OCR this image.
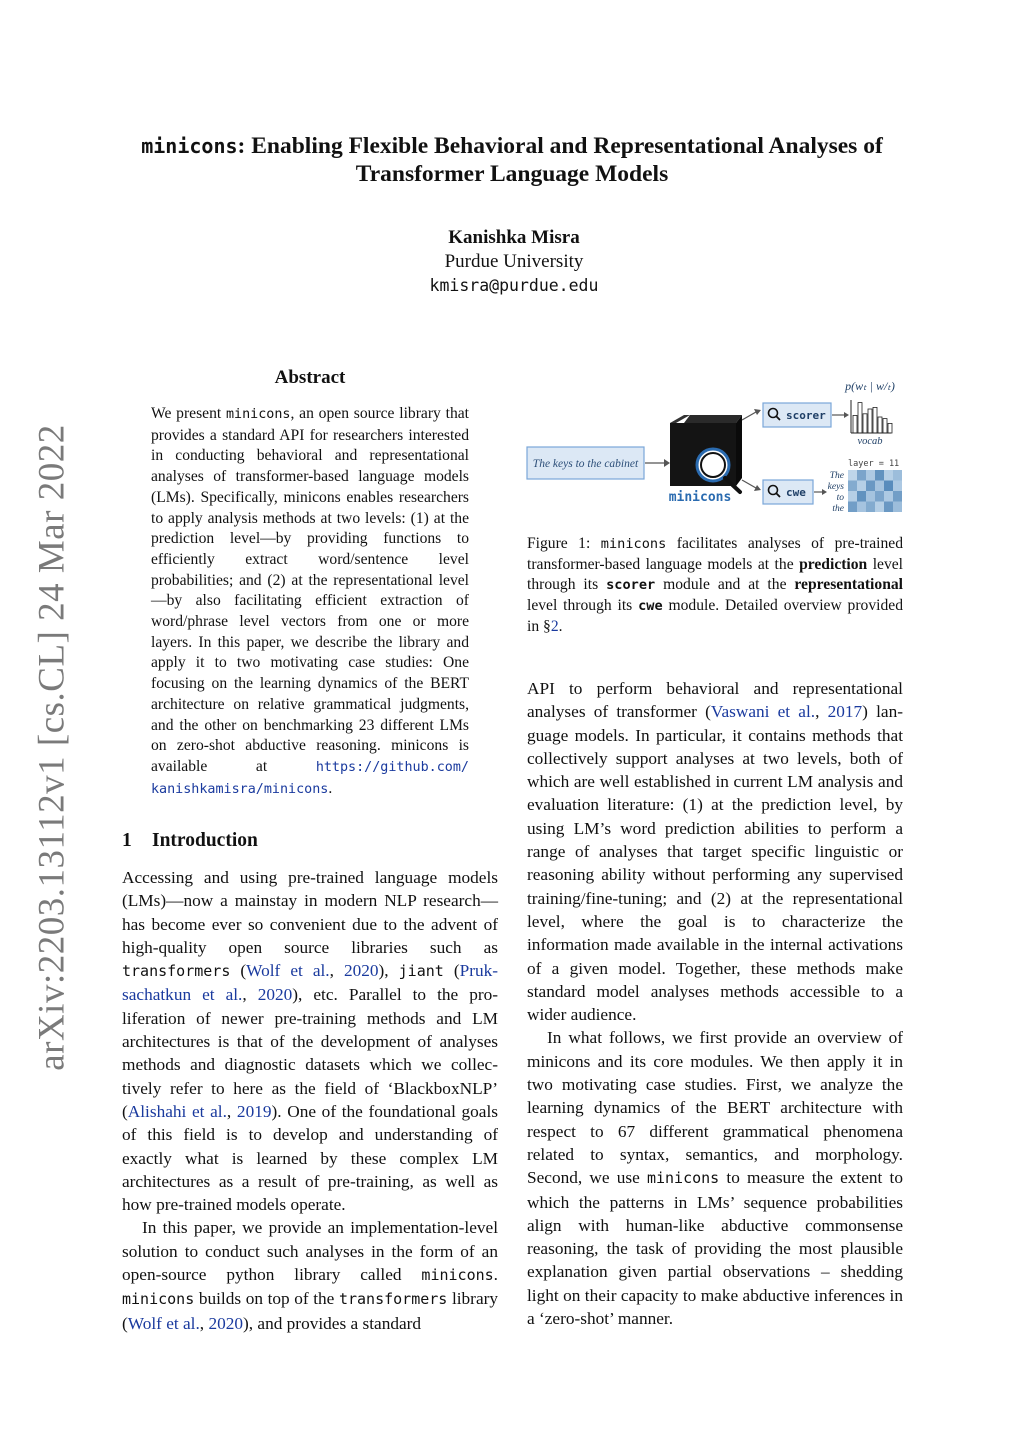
arXiv:2203.13112v1 [cs.CL] 24 Mar 2022
minicons: Enabling Flexible Behavioral and Representational Analyses of
Transformer Language Models
Kanishka Misra
Purdue University
kmisra@purdue.edu
Abstract
We present minicons, an open source library that provides a standard API for researchers interested in conducting behavioral and representational analyses of transformer-based language models (LMs). Specifically, minicons enables researchers to apply analysis methods at two levels: (1) at the prediction level—by providing functions to efficiently extract word/sentence level probabilities; and (2) at the representational level—by also facilitating efficient extraction of word/phrase level vectors from one or more layers. In this paper, we describe the library and apply it to two motivating case studies: One focusing on the learning dynamics of the BERT architecture on relative grammatical judgments, and the other on benchmarking 23 different LMs on zero-shot abductive reasoning. minicons is available at https://github.com/ kanishkamisra/minicons.
1 Introduction

Accessing and using pre-trained language models (LMs)—now a mainstay in modern NLP research—has become ever so convenient due to the advent of high-quality open source libraries such as transformers (Wolf et al., 2020), jiant (Pruksachatkun et al., 2020), etc. Parallel to the proliferation of newer pre-training methods and LM architectures is that of the development of analyses methods and diagnostic datasets which we collectively refer to here as the field of ‘BlackboxNLP’ (Alishahi et al., 2019). One of the foundational goals of this field is to develop and understanding of exactly what is learned by these complex LM architectures as a result of pre-training, as well as how pre-trained models operate.

In this paper, we provide an implementation-level solution to conduct such analyses in the form of an open-source python library called minicons. minicons builds on top of the transformers library (Wolf et al., 2020), and provides a standard

The keys to the cabinet
minicons
scorer
cwe
p(wₜ | w/ₜ)
vocab
layer = 11
The
keys
to
the
Figure 1: minicons facilitates analyses of pre-trained transformer-based language models at the prediction level through its scorer module and at the representational level through its cwe module. Detailed overview provided in §2.

API to perform behavioral and representational analyses of transformer (Vaswani et al., 2017) language models. In particular, it contains methods that collectively support analyses at two levels, both of which are well established in current LM analysis and evaluation literature: (1) at the prediction level, by using LM’s word prediction abilities to perform a range of analyses that target specific linguistic or reasoning ability without performing any supervised training/fine-tuning; and (2) at the representational level, where the goal is to characterize the information made available in the internal activations of a given model. Together, these methods make standard model analyses methods accessible to a wider audience.

In what follows, we first provide an overview of minicons and its core modules. We then apply it in two motivating case studies. First, we analyze the learning dynamics of the BERT architecture with respect to 67 different grammatical phenomena related to syntax, semantics, and morphology. Second, we use minicons to measure the extent to which the patterns in LMs’ sequence probabilities align with human-like abductive commonsense reasoning, the task of providing the most plausible explanation given partial observations – shedding light on their capacity to make abductive inferences in a ‘zero-shot’ manner.
